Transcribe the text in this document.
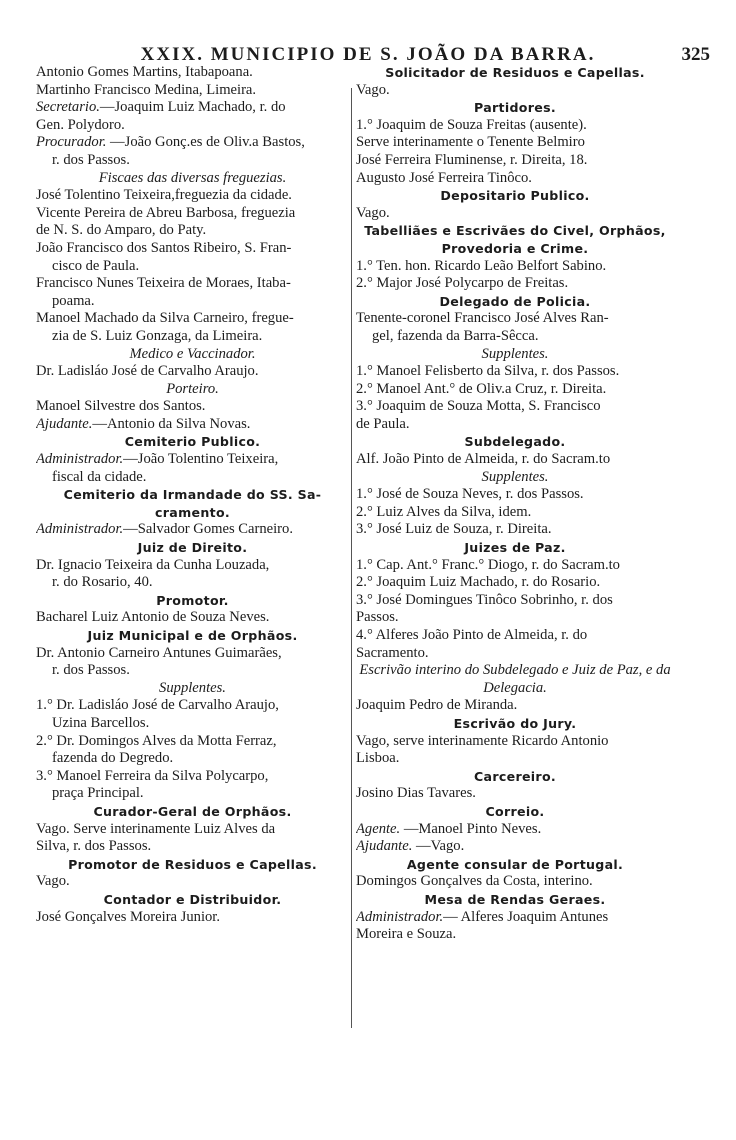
XXIX. MUNICIPIO DE S. JOÃO DA BARRA.	325
Antonio Gomes Martins, Itabapoana.
Martinho Francisco Medina, Limeira.
Secretario.—Joaquim Luiz Machado, r. do
Gen. Polydoro.
Procurador. —João Gonç.es de Oliv.a Bastos,
r. dos Passos.
Fiscaes das diversas freguezias.
José Tolentino Teixeira,freguezia da cidade.
Vicente Pereira de Abreu Barbosa, freguezia
de N. S. do Amparo, do Paty.
João Francisco dos Santos Ribeiro, S. Fran-
cisco de Paula.
Francisco Nunes Teixeira de Moraes, Itaba-
poama.
Manoel Machado da Silva Carneiro, fregue-
zia de S. Luiz Gonzaga, da Limeira.
Medico e Vaccinador.
Dr. Ladisláo José de Carvalho Araujo.
Porteiro.
Manoel Silvestre dos Santos.
Ajudante.—Antonio da Silva Novas.
Cemiterio Publico.
Administrador.—João Tolentino Teixeira,
fiscal da cidade.
Cemiterio da Irmandade do SS. Sa-cramento.
Administrador.—Salvador Gomes Carneiro.
Juiz de Direito.
Dr. Ignacio Teixeira da Cunha Louzada,
r. do Rosario, 40.
Promotor.
Bacharel Luiz Antonio de Souza Neves.
Juiz Municipal e de Orphãos.
Dr. Antonio Carneiro Antunes Guimarães,
r. dos Passos.
Supplentes.
1.° Dr. Ladisláo José de Carvalho Araujo,
Uzina Barcellos.
2.° Dr. Domingos Alves da Motta Ferraz,
fazenda do Degredo.
3.° Manoel Ferreira da Silva Polycarpo,
praça Principal.
Curador-Geral de Orphãos.
Vago. Serve interinamente Luiz Alves da
Silva, r. dos Passos.
Promotor de Residuos e Capellas.
Vago.
Contador e Distribuidor.
José Gonçalves Moreira Junior.
Solicitador de Residuos e Capellas.
Vago.
Partidores.
1.° Joaquim de Souza Freitas (ausente).
Serve interinamente o Tenente Belmiro
José Ferreira Fluminense, r. Direita, 18.
Augusto José Ferreira Tinôco.
Depositario Publico.
Vago.
Tabelliães e Escrivães do Civel, Orphãos, Provedoria e Crime.
1.° Ten. hon. Ricardo Leão Belfort Sabino.
2.° Major José Polycarpo de Freitas.
Delegado de Policia.
Tenente-coronel Francisco José Alves Ran-
gel, fazenda da Barra-Sêcca.
Supplentes.
1.° Manoel Felisberto da Silva, r. dos Passos.
2.° Manoel Ant.° de Oliv.a Cruz, r. Direita.
3.° Joaquim de Souza Motta, S. Francisco
de Paula.
Subdelegado.
Alf. João Pinto de Almeida, r. do Sacram.to
Supplentes.
1.° José de Souza Neves, r. dos Passos.
2.° Luiz Alves da Silva, idem.
3.° José Luiz de Souza, r. Direita.
Juizes de Paz.
1.° Cap. Ant.° Franc.° Diogo, r. do Sacram.to
2.° Joaquim Luiz Machado, r. do Rosario.
3.° José Domingues Tinôco Sobrinho, r. dos
Passos.
4.° Alferes João Pinto de Almeida, r. do
Sacramento.
Escrivão interino do Subdelegado e Juiz de Paz, e da Delegacia.
Joaquim Pedro de Miranda.
Escrivão do Jury.
Vago, serve interinamente Ricardo Antonio
Lisboa.
Carcereiro.
Josino Dias Tavares.
Correio.
Agente. —Manoel Pinto Neves.
Ajudante. —Vago.
Agente consular de Portugal.
Domingos Gonçalves da Costa, interino.
Mesa de Rendas Geraes.
Administrador.— Alferes Joaquim Antunes
Moreira e Souza.
